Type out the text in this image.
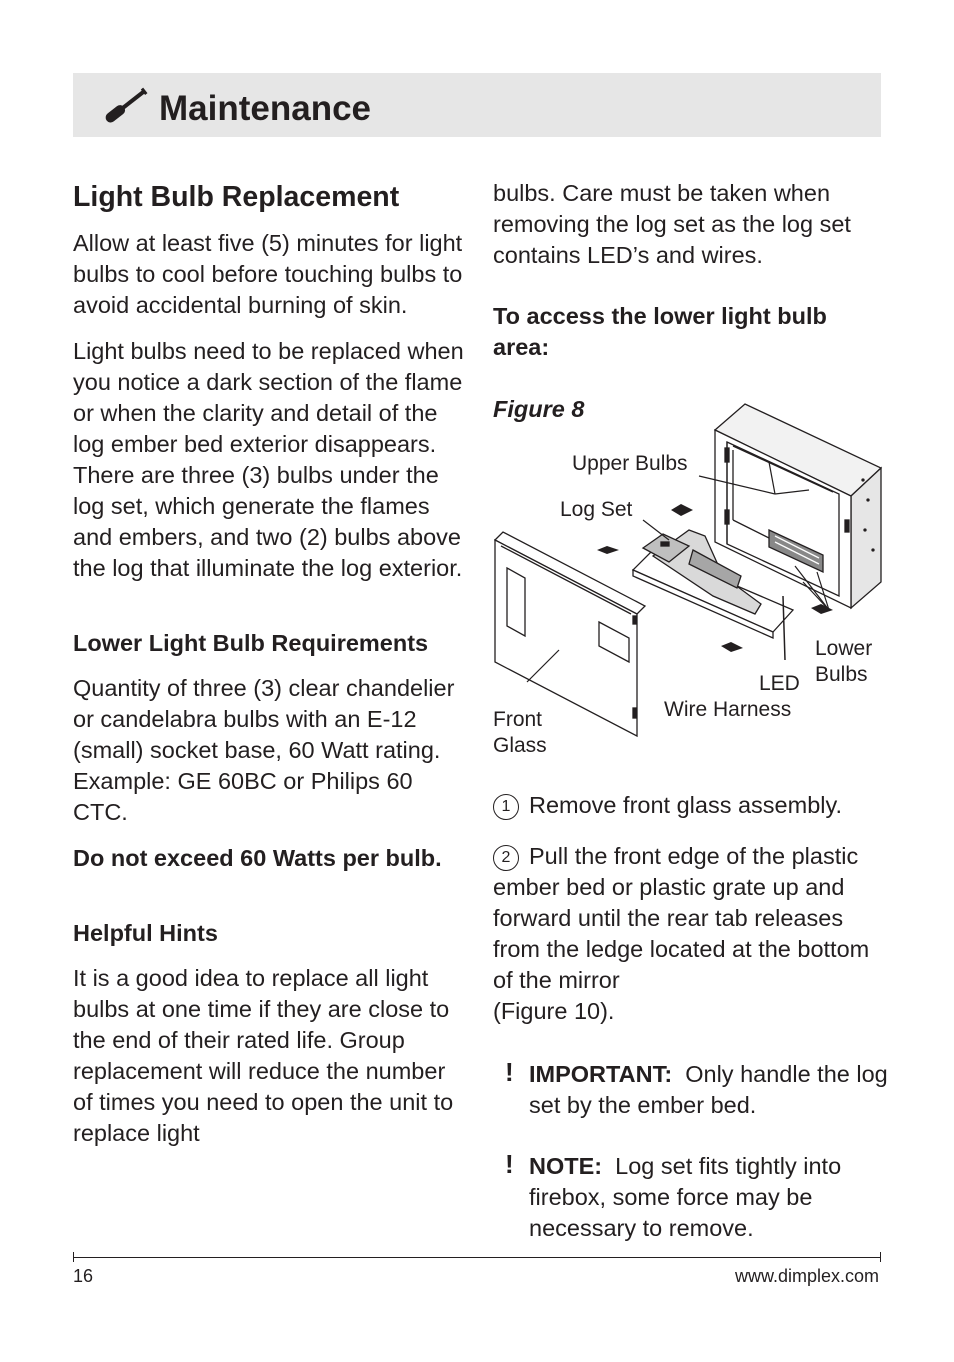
Maintenance
Light Bulb Replacement

Allow at least five (5) minutes for light bulbs to cool before touching bulbs to avoid accidental burning of skin.

Light bulbs need to be replaced when you notice a dark section of the flame or when the clarity and detail of the log ember bed exterior disappears. There are three (3) bulbs under the log set, which generate the flames and embers, and two (2) bulbs above the log that illuminate the log exterior.

Lower Light Bulb Requirements

Quantity of three (3) clear chandelier or candelabra bulbs with an E-12 (small) socket base, 60 Watt rating. Example: GE 60BC or Philips 60 CTC.

Do not exceed 60 Watts per bulb.

Helpful Hints

It is a good idea to replace all light bulbs at one time if they are close to the end of their rated life. Group replacement will reduce the number of times you need to open the unit to replace light

bulbs. Care must be taken when removing the log set as the log set contains LED’s and wires.

To access the lower light bulb area:

Figure 8
Upper Bulbs
Log Set
Lower
Bulbs
LED
Wire Harness
Front
Glass
1 Remove front glass assembly.
2 Pull the front edge of the plastic ember bed or plastic grate up and forward until the rear tab releases from the ledge located at the bottom of the mirror
(Figure 10).
! IMPORTANT: Only handle the log set by the ember bed.
! NOTE: Log set fits tightly into firebox, some force may be necessary to remove.
16	www.dimplex.com
